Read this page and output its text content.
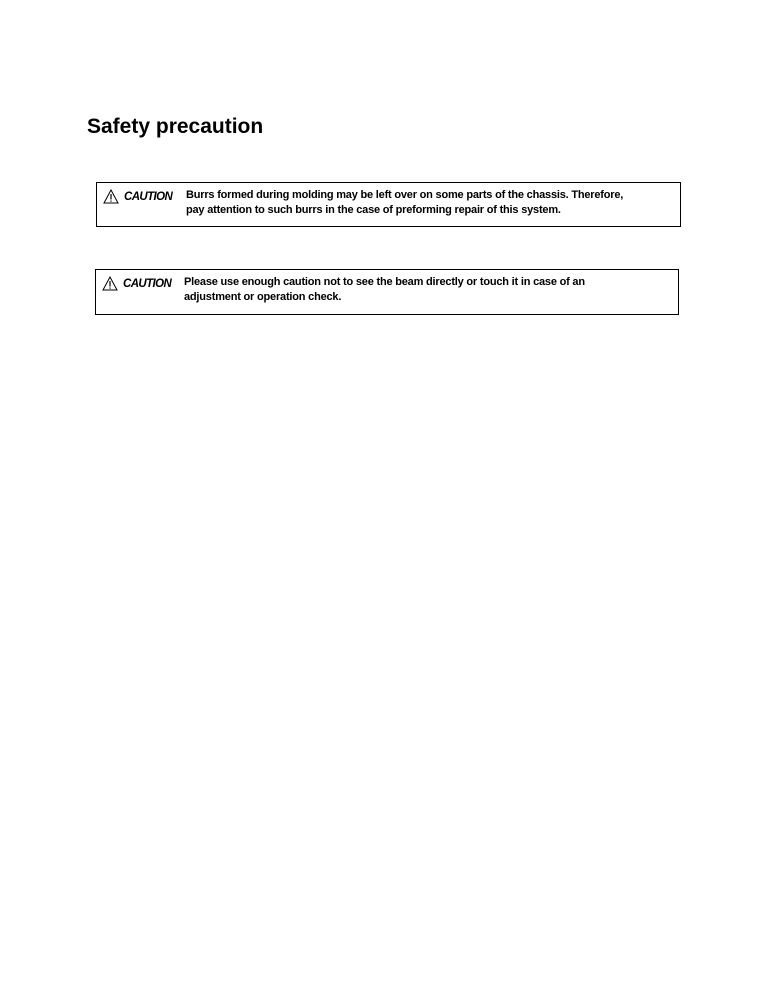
Safety precaution
CAUTION Burrs formed during molding may be left over on some parts of the chassis. Therefore,
pay attention to such burrs in the case of preforming repair of this system.
CAUTION Please use enough caution not to see the beam directly or touch it in case of an
adjustment or operation check.
